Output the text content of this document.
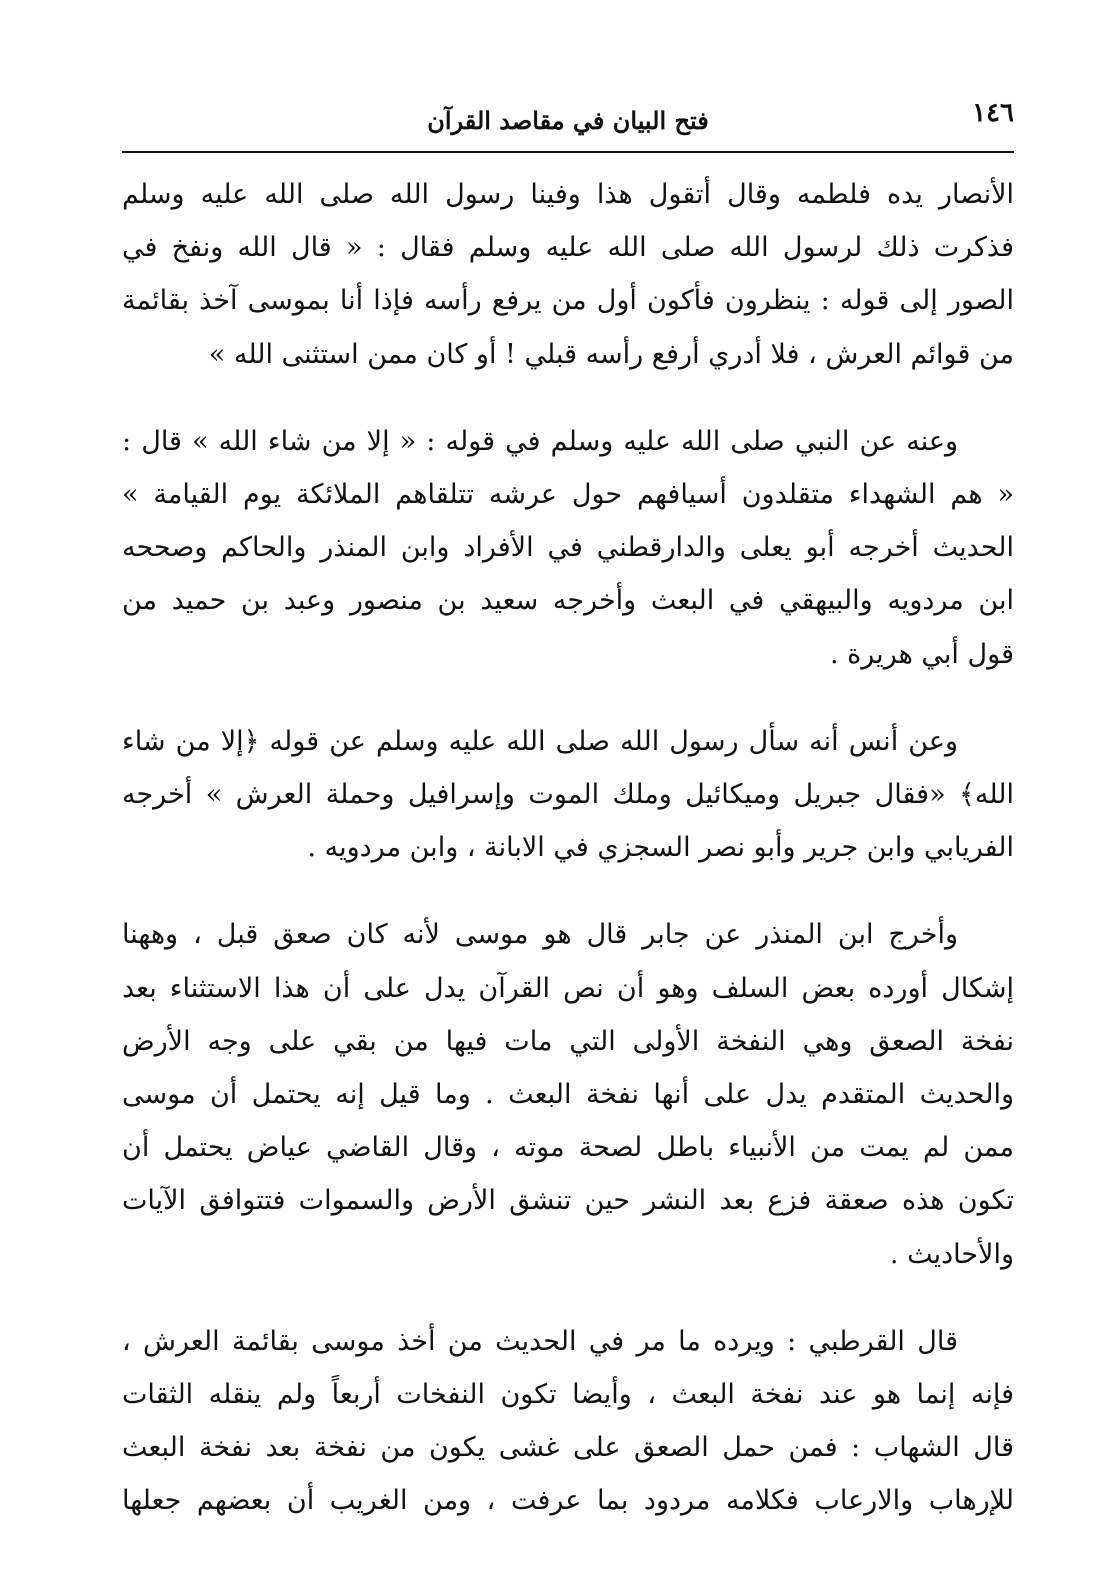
١٤٦
فتح البيان في مقاصد القرآن
الأنصار يده فلطمه وقال أتقول هذا وفينا رسول الله صلى الله عليه وسلم
فذكرت ذلك لرسول الله صلى الله عليه وسلم فقال : « قال الله ونفخ في
الصور إلى قوله : ينظرون فأكون أول من يرفع رأسه فإذا أنا بموسى آخذ بقائمة
من قوائم العرش ، فلا أدري أرفع رأسه قبلي ! أو كان ممن استثنى الله »
وعنه عن النبي صلى الله عليه وسلم في قوله : « إلا من شاء الله » قال :
« هم الشهداء متقلدون أسيافهم حول عرشه تتلقاهم الملائكة يوم القيامة »
الحديث أخرجه أبو يعلى والدارقطني في الأفراد وابن المنذر والحاكم وصححه
ابن مردويه والبيهقي في البعث وأخرجه سعيد بن منصور وعبد بن حميد من
قول أبي هريرة .
وعن أنس أنه سأل رسول الله صلى الله عليه وسلم عن قوله ﴿إلا من شاء
الله﴾ «فقال جبريل وميكائيل وملك الموت وإسرافيل وحملة العرش » أخرجه
الفريابي وابن جرير وأبو نصر السجزي في الابانة ، وابن مردويه .
وأخرج ابن المنذر عن جابر قال هو موسى لأنه كان صعق قبل ، وههنا
إشكال أورده بعض السلف وهو أن نص القرآن يدل على أن هذا الاستثناء بعد
نفخة الصعق وهي النفخة الأولى التي مات فيها من بقي على وجه الأرض
والحديث المتقدم يدل على أنها نفخة البعث . وما قيل إنه يحتمل أن موسى
ممن لم يمت من الأنبياء باطل لصحة موته ، وقال القاضي عياض يحتمل أن
تكون هذه صعقة فزع بعد النشر حين تنشق الأرض والسموات فتتوافق الآيات
والأحاديث .
قال القرطبي : ويرده ما مر في الحديث من أخذ موسى بقائمة العرش ،
فإنه إنما هو عند نفخة البعث ، وأيضا تكون النفخات أربعاً ولم ينقله الثقات
قال الشهاب : فمن حمل الصعق على غشى يكون من نفخة بعد نفخة البعث
للإرهاب والارعاب فكلامه مردود بما عرفت ، ومن الغريب أن بعضهم جعلها
